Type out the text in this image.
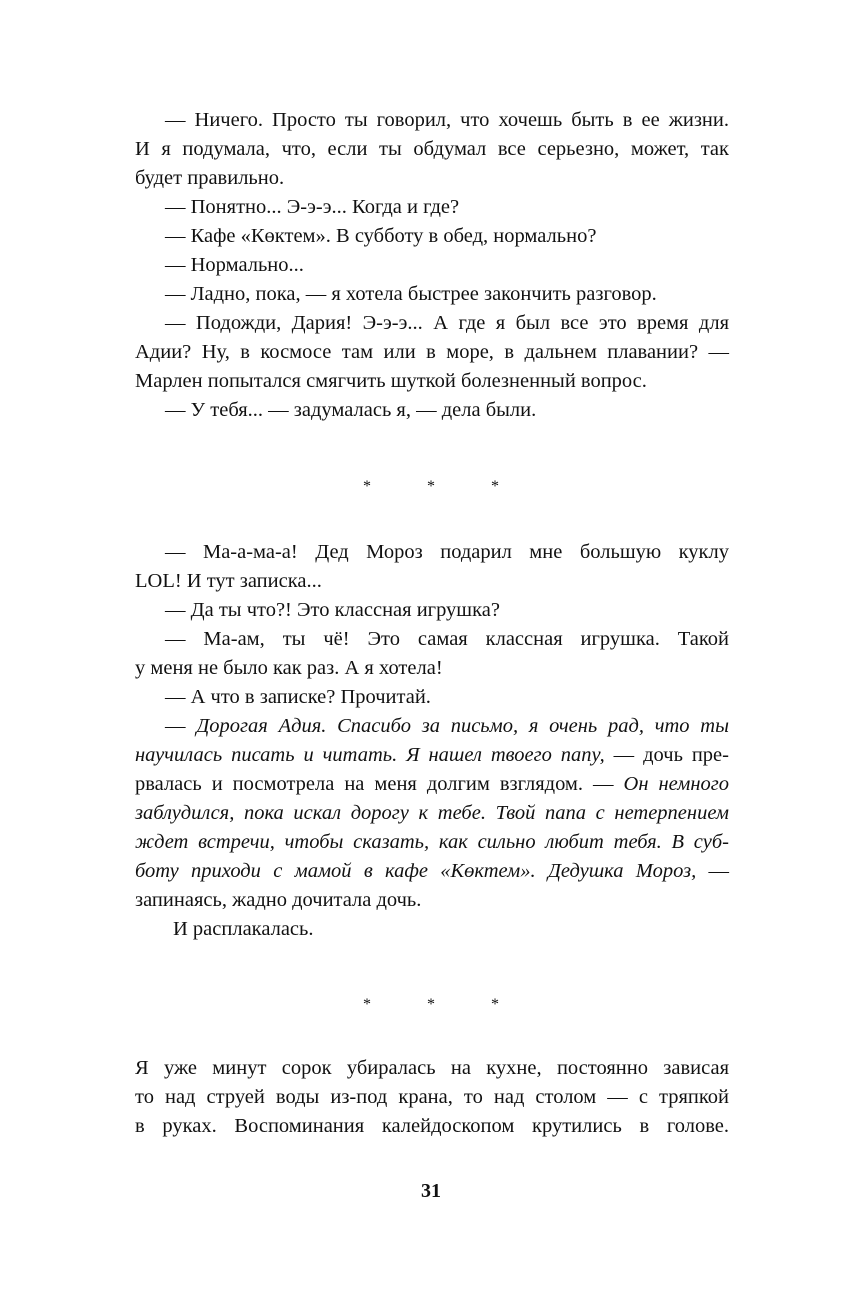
— Ничего. Просто ты говорил, что хочешь быть в ее жизни.
И я подумала, что, если ты обдумал все серьезно, может, так
будет правильно.
— Понятно... Э-э-э... Когда и где?
— Кафе «Көктем». В субботу в обед, нормально?
— Нормально...
— Ладно, пока, — я хотела быстрее закончить разговор.
— Подожди, Дария! Э-э-э... А где я был все это время для
Адии? Ну, в космосе там или в море, в дальнем плавании? —
Марлен попытался смягчить шуткой болезненный вопрос.
— У тебя... — задумалась я, — дела были.
* * *
— Ма-а-ма-а! Дед Мороз подарил мне большую куклу
LOL! И тут записка...
— Да ты что?! Это классная игрушка?
— Ма-ам, ты чё! Это самая классная игрушка. Такой
у меня не было как раз. А я хотела!
— А что в записке? Прочитай.
— Дорогая Адия. Спасибо за письмо, я очень рад, что ты
научилась писать и читать. Я нашел твоего папу, — дочь пре-
рвалась и посмотрела на меня долгим взглядом. — Он немного
заблудился, пока искал дорогу к тебе. Твой папа с нетерпением
ждет встречи, чтобы сказать, как сильно любит тебя. В суб-
боту приходи с мамой в кафе «Көктем». Дедушка Мороз, —
запинаясь, жадно дочитала дочь.
И расплакалась.
* * *
Я уже минут сорок убиралась на кухне, постоянно зависая
то над струей воды из-под крана, то над столом — с тряпкой
в руках. Воспоминания калейдоскопом крутились в голове.
31
